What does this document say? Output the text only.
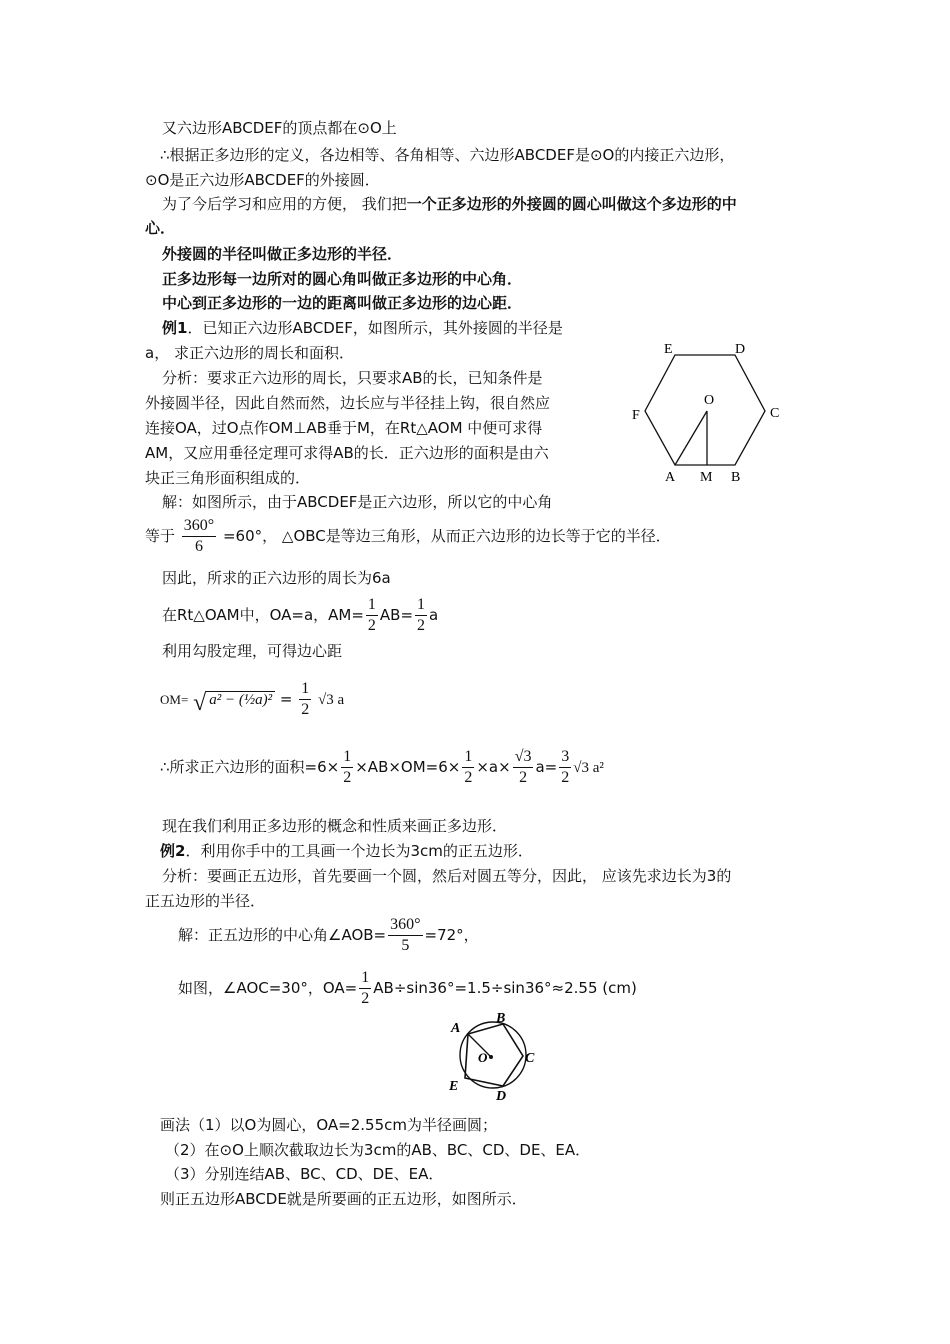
又六边形ABCDEF的顶点都在⊙O上
∴根据正多边形的定义，各边相等、各角相等、六边形ABCDEF是⊙O的内接正六边形，
⊙O是正六边形ABCDEF的外接圆．
为了今后学习和应用的方便， 我们把一个正多边形的外接圆的圆心叫做这个多边形的中
心．
外接圆的半径叫做正多边形的半径．
正多边形每一边所对的圆心角叫做正多边形的中心角．
中心到正多边形的一边的距离叫做正多边形的边心距．
例1．已知正六边形ABCDEF，如图所示，其外接圆的半径是
a， 求正六边形的周长和面积．
分析：要求正六边形的周长，只要求AB的长，已知条件是
外接圆半径，因此自然而然，边长应与半径挂上钩，很自然应
连接OA，过O点作OM⊥AB垂于M，在Rt△AOM 中便可求得
AM，又应用垂径定理可求得AB的长．正六边形的面积是由六
块正三角形面积组成的．
解：如图所示，由于ABCDEF是正六边形，所以它的中心角
E	D
F	C
O
A M B
等于 $\frac{360^\circ}{6} =60^\circ$， △OBC是等边三角形，从而正六边形的边长等于它的半径．
因此，所求的正六边形的周长为6a
在Rt△OAM中，OA=a，$AM= \frac{1}{2} AB= \frac{1}{2}$ a
利用勾股定理，可得边心距
OM= √ a² − (½a)² = $\frac{1}{2} √3$ a
∴所求正六边形的面积$=6\times \frac{1}{2} \times AB\times OM=6\times \frac{1}{2} \times a\times \frac{√3}{2} a= \frac{3}{2} √3$ a²
现在我们利用正多边形的概念和性质来画正多边形．
例2．利用你手中的工具画一个边长为3cm的正五边形．
分析：要画正五边形，首先要画一个圆，然后对圆五等分，因此， 应该先求边长为3的
正五边形的半径．
解：正五边形的中心角∠AOB= $\frac{360^\circ}{5} =72^\circ$，
如图，∠AOC=30°，$OA= \frac{1}{2} AB\div\sin 36^\circ=1.5\div\sin 36^\circ\approx 2.55$ (cm)
A
B
C
D
E
O
画法（1）以O为圆心，OA=2.55cm为半径画圆；
（2）在⊙O上顺次截取边长为3cm的AB、BC、CD、DE、EA．
（3）分别连结AB、BC、CD、DE、EA．
则正五边形ABCDE就是所要画的正五边形，如图所示．
